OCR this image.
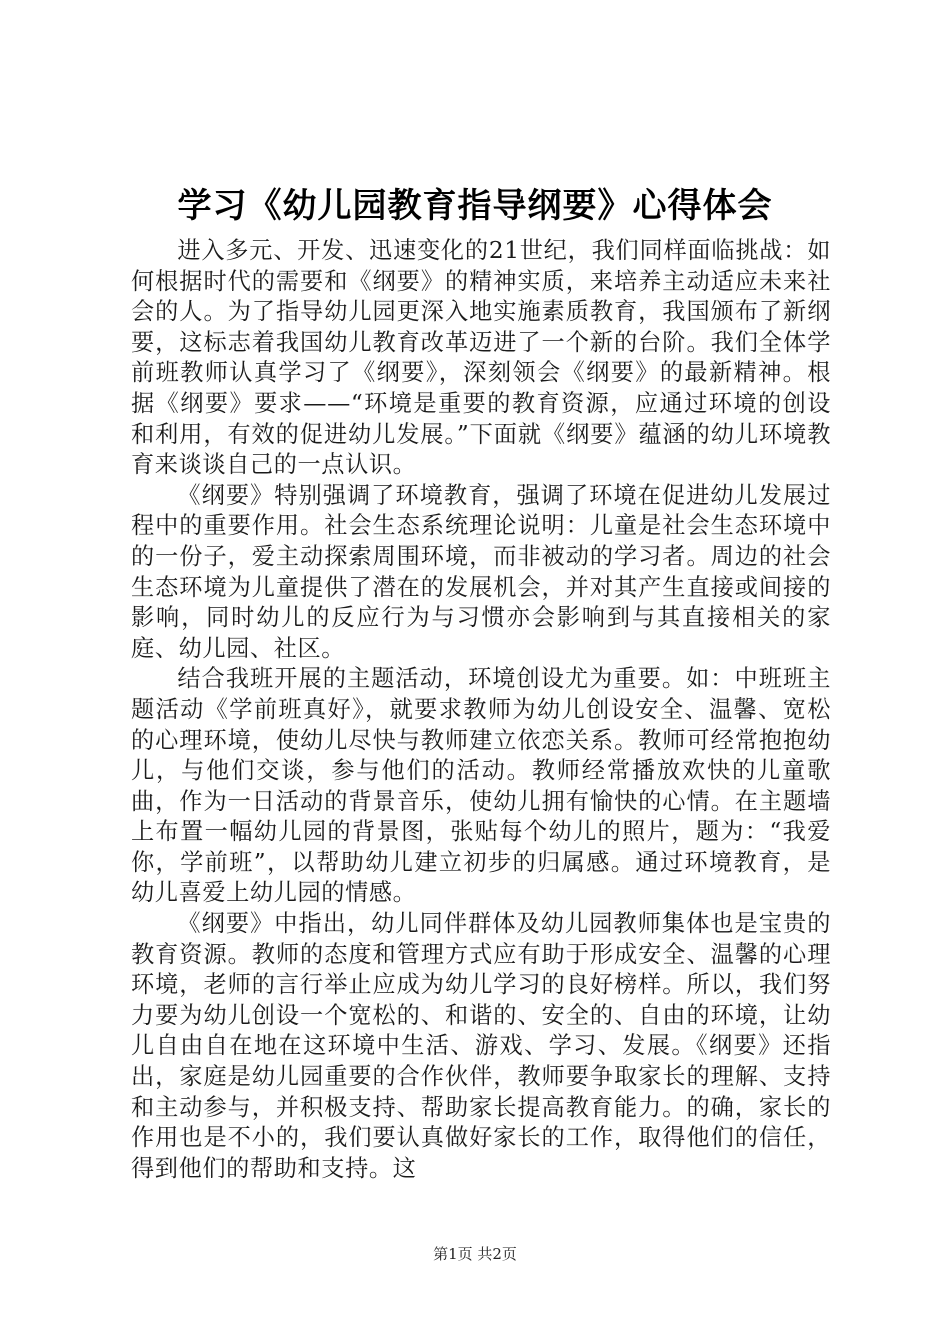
学习《幼儿园教育指导纲要》心得体会

进入多元、开发、迅速变化的21世纪，我们同样面临挑战：如何根据时代的需要和《纲要》的精神实质，来培养主动适应未来社会的人。为了指导幼儿园更深入地实施素质教育，我国颁布了新纲要，这标志着我国幼儿教育改革迈进了一个新的台阶。我们全体学前班教师认真学习了《纲要》，深刻领会《纲要》的最新精神。根据《纲要》要求——“环境是重要的教育资源，应通过环境的创设和利用，有效的促进幼儿发展。”下面就《纲要》蕴涵的幼儿环境教育来谈谈自己的一点认识。

《纲要》特别强调了环境教育，强调了环境在促进幼儿发展过程中的重要作用。社会生态系统理论说明：儿童是社会生态环境中的一份子，爱主动探索周围环境，而非被动的学习者。周边的社会生态环境为儿童提供了潜在的发展机会，并对其产生直接或间接的影响，同时幼儿的反应行为与习惯亦会影响到与其直接相关的家庭、幼儿园、社区。

结合我班开展的主题活动，环境创设尤为重要。如：中班班主题活动《学前班真好》，就要求教师为幼儿创设安全、温馨、宽松的心理环境，使幼儿尽快与教师建立依恋关系。教师可经常抱抱幼儿，与他们交谈，参与他们的活动。教师经常播放欢快的儿童歌曲，作为一日活动的背景音乐，使幼儿拥有愉快的心情。在主题墙上布置一幅幼儿园的背景图，张贴每个幼儿的照片，题为：“我爱你，学前班”，以帮助幼儿建立初步的归属感。通过环境教育，是幼儿喜爱上幼儿园的情感。

《纲要》中指出，幼儿同伴群体及幼儿园教师集体也是宝贵的教育资源。教师的态度和管理方式应有助于形成安全、温馨的心理环境，老师的言行举止应成为幼儿学习的良好榜样。所以，我们努力要为幼儿创设一个宽松的、和谐的、安全的、自由的环境，让幼儿自由自在地在这环境中生活、游戏、学习、发展。《纲要》还指出，家庭是幼儿园重要的合作伙伴，教师要争取家长的理解、支持和主动参与，并积极支持、帮助家长提高教育能力。的确，家长的作用也是不小的，我们要认真做好家长的工作，取得他们的信任，得到他们的帮助和支持。这

第1页 共2页
